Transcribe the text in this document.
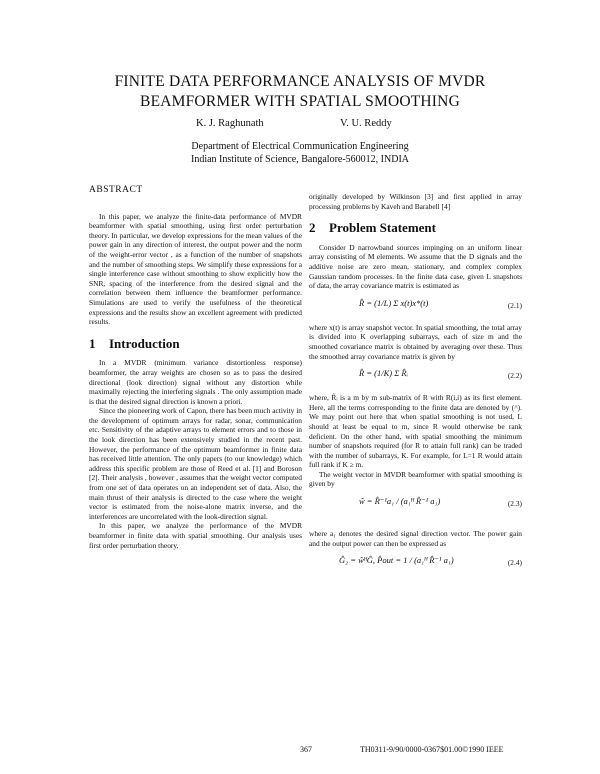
FINITE DATA PERFORMANCE ANALYSIS OF MVDR
BEAMFORMER WITH SPATIAL SMOOTHING
K. J. Raghunath	V. U. Reddy
Department of Electrical Communication Engineering
Indian Institute of Science, Bangalore-560012, INDIA

ABSTRACT

In this paper, we analyze the finite-data performance of MVDR beamformer with spatial smoothing, using first order perturbation theory. In particular, we develop expressions for the mean values of the power gain in any direction of interest, the output power and the norm of the weight-error vector , as a function of the number of snapshots and the number of smoothing steps. We simplify these expressions for a single interference case without smoothing to show explicitly how the SNR, spacing of the interference from the desired signal and the correlation between them influence the beamformer performance. Simulations are used to verify the usefulness of the theoretical expressions and the results show an excellent agreement with predicted results.

1 Introduction

In a MVDR (minimum variance distortionless response) beamformer, the array weights are chosen so as to pass the desired directional (look direction) signal without any distortion while maximally rejecting the interfering signals . The only assumption made is that the desired signal direction is known a priori.

Since the pioneering work of Capon, there has been much activity in the development of optimum arrays for radar, sonar, communication etc. Sensitivity of the adaptive arrays to element errors and to those in the look direction has been extensively studied in the recent past. However, the performance of the optimum beamformer in finite data has received little attention. The only papers (to our knowledge) which address this specific problem are those of Reed et al. [1] and Boroson [2]. Their analysis , however , assumes that the weight vector computed from one set of data operates on an independent set of data. Also, the main thrust of their analysis is directed to the case where the weight vector is estimated from the noise-alone matrix inverse, and the interferences are uncorrelated with the look-direction signal.

In this paper, we analyze the performance of the MVDR beamformer in finite data with spatial smoothing. Our analysis uses first order perturbation theory,

originally developed by Wilkinson [3] and first applied in array processing problems by Kaveh and Barabell [4]

2 Problem Statement

Consider D narrowband sources impinging on an uniform linear array consisting of M elements. We assume that the D signals and the additive noise are zero mean, stationary, and complex complex Gaussian random processes. In the finite data case, given L snapshots of data, the array covariance matrix is estimated as

R̂ = (1/L) Σ x(t)x*(t)	(2.1)

where x(t) is array snapshot vector. In spatial smoothing, the total array is divided into K overlapping subarrays, each of size m and the smoothed covariance matrix is obtained by averaging over these. Thus the smoothed array covariance matrix is given by

R̂ = (1/K) Σ R̂ᵢ	(2.2)

where, R̂ᵢ is a m by m sub-matrix of R with R(i,i) as its first element. Here, all the terms corresponding to the finite data are denoted by (^). We may point out here that when spatial smoothing is not used, L should at least be equal to m, since R would otherwise be rank deficient. On the other hand, with spatial smoothing the minimum number of snapshots required (for R to attain full rank) can be traded with the number of subarrays, K. For example, for L=1 R would attain full rank if K ≥ m.

The weight vector in MVDR beamformer with spatial smoothing is given by

ŵ = R̂⁻¹a₁ / (a₁ᴴ R̂⁻¹ a₁)	(2.3)

where a₁ denotes the desired signal direction vector. The power gain and the output power can then be expressed as

Ĝ₂ = ŵᴴĜ, P̂out = 1 / (a₁ᴴ R̂⁻¹ a₁)	(2.4)
367	TH0311-9/90/0000-0367$01.00©1990 IEEE
